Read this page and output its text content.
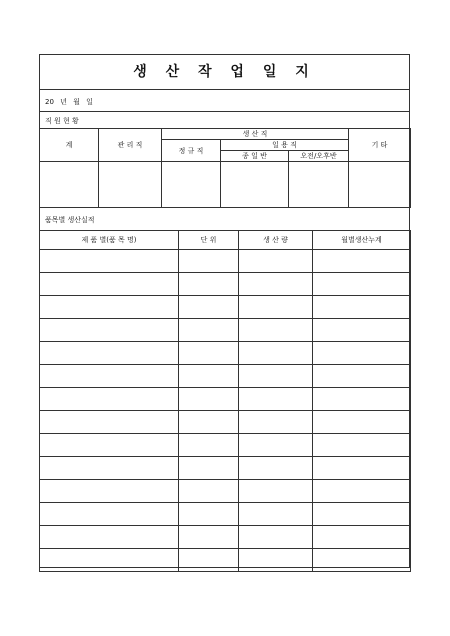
생 산 작 업 일 지
20 년 월 일
직 원 현 황
계	관 리 직	생 산 직			기 타
		정 규 직	일 용 직		
			종 일 반	오전/오후반	

품목별 생산실적
제 품 별(품 목 명)	단 위	생 산 량	월별생산누계
